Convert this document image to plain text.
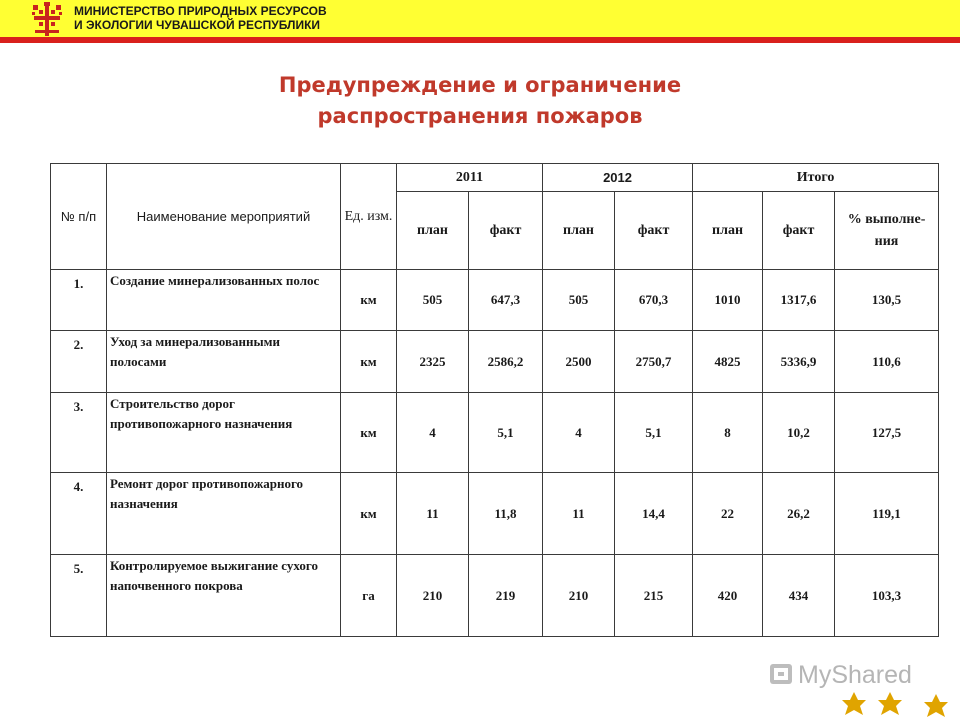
МИНИСТЕРСТВО ПРИРОДНЫХ РЕСУРСОВ
И ЭКОЛОГИИ ЧУВАШСКОЙ РЕСПУБЛИКИ
Предупреждение и ограничение
распространения пожаров
№ п/п	Наименование мероприятий	Ед. изм.	2011		2012		Итого		
			план	факт	план	факт	план	факт	% выполне-ния
1.	Создание минерализованных полос	км	505	647,3	505	670,3	1010	1317,6	130,5
2.	Уход за минерализованными полосами	км	2325	2586,2	2500	2750,7	4825	5336,9	110,6
3.	Строительство дорог противопожарного назначения	км	4	5,1	4	5,1	8	10,2	127,5
4.	Ремонт дорог противопожарного назначения	км	11	11,8	11	14,4	22	26,2	119,1
5.	Контролируемое выжигание сухого напочвенного покрова	га	210	219	210	215	420	434	103,3
MyShared
